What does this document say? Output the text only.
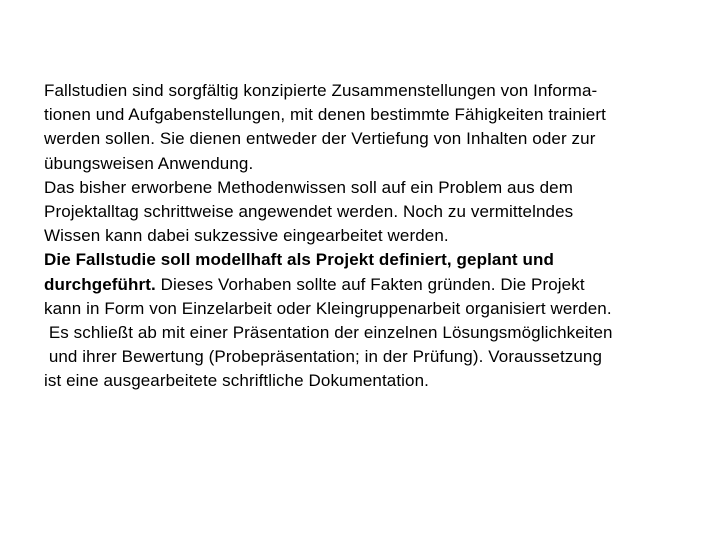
Fallstudien sind sorgfältig konzipierte Zusammenstellungen von Informa-
tionen und Aufgabenstellungen, mit denen bestimmte Fähigkeiten trainiert
werden sollen. Sie dienen entweder der Vertiefung von Inhalten oder zur
übungsweisen Anwendung.
Das bisher erworbene Methodenwissen soll auf ein Problem aus dem
Projektalltag schrittweise angewendet werden. Noch zu vermittelndes
Wissen kann dabei sukzessive eingearbeitet werden.
Die Fallstudie soll modellhaft als Projekt definiert, geplant und
durchgeführt. Dieses Vorhaben sollte auf Fakten gründen. Die Projekt
kann in Form von Einzelarbeit oder Kleingruppenarbeit organisiert werden.
Es schließt ab mit einer Präsentation der einzelnen Lösungsmöglichkeiten
und ihrer Bewertung (Probepräsentation; in der Prüfung). Voraussetzung
ist eine ausgearbeitete schriftliche Dokumentation.
